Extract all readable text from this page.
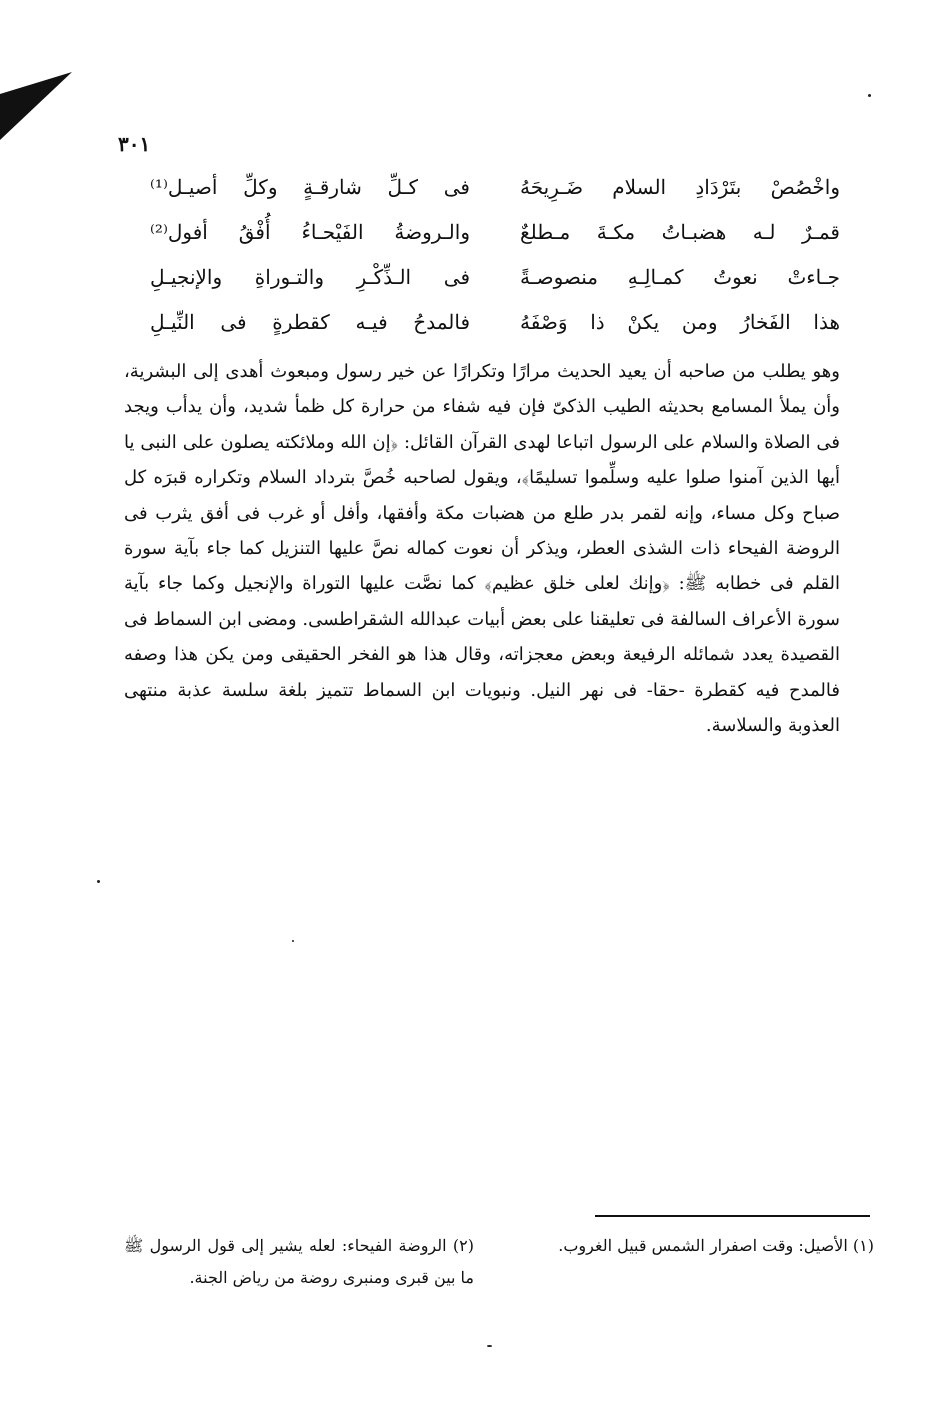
٣٠١
واخْصُصْ بتَرْدَادِ السلام ضَـرِيحَهُ
فى كـلِّ شارقـةٍ وكلِّ أصيـل⁽¹⁾
قمـرٌ لـه هضبـاتُ مكـةَ مـطلعٌ
والـروضةُ الفَيْحـاءُ أُفْقُ أفول⁽²⁾
جـاءتْ نعوتُ كمـالِـهِ منصوصـةً
فى الـذِّكْـرِ والتـوراةِ والإنجيـلِ
هذا الفَخارُ ومن يكنْ ذا وَصْفَهُ
فالمدحُ فيـه كقطرةٍ فى النِّيـلِ

وهو يطلب من صاحبه أن يعيد الحديث مرارًا وتكرارًا عن خير رسول ومبعوث أهدى إلى البشرية، وأن يملأ المسامع بحديثه الطيب الذكىّ فإن فيه شفاء من حرارة كل ظمأ شديد، وأن يدأب ويجد فى الصلاة والسلام على الرسول اتباعا لهدى القرآن القائل: ﴿إن الله وملائكته يصلون على النبى يا أيها الذين آمنوا صلوا عليه وسلِّموا تسليمًا﴾، ويقول لصاحبه خُصَّ بترداد السلام وتكراره قبرَه كل صباح وكل مساء، وإنه لقمر بدر طلع من هضبات مكة وأفقها، وأفل أو غرب فى أفق يثرب فى الروضة الفيحاء ذات الشذى العطر، ويذكر أن نعوت كماله نصَّ عليها التنزيل كما جاء بآية سورة القلم فى خطابه ﷺ: ﴿وإنك لعلى خلق عظيم﴾ كما نصَّت عليها التوراة والإنجيل وكما جاء بآية سورة الأعراف السالفة فى تعليقنا على بعض أبيات عبدالله الشقراطسى. ومضى ابن السماط فى القصيدة يعدد شمائله الرفيعة وبعض معجزاته، وقال هذا هو الفخر الحقيقى ومن يكن هذا وصفه فالمدح فيه كقطرة -حقا- فى نهر النيل. ونبويات ابن السماط تتميز بلغة سلسة عذبة منتهى العذوبة والسلاسة.

(١) الأصيل: وقت اصفرار الشمس قبيل الغروب.
(٢) الروضة الفيحاء: لعله يشير إلى قول الرسول ﷺ ما بين قبرى ومنبرى روضة من رياض الجنة.
